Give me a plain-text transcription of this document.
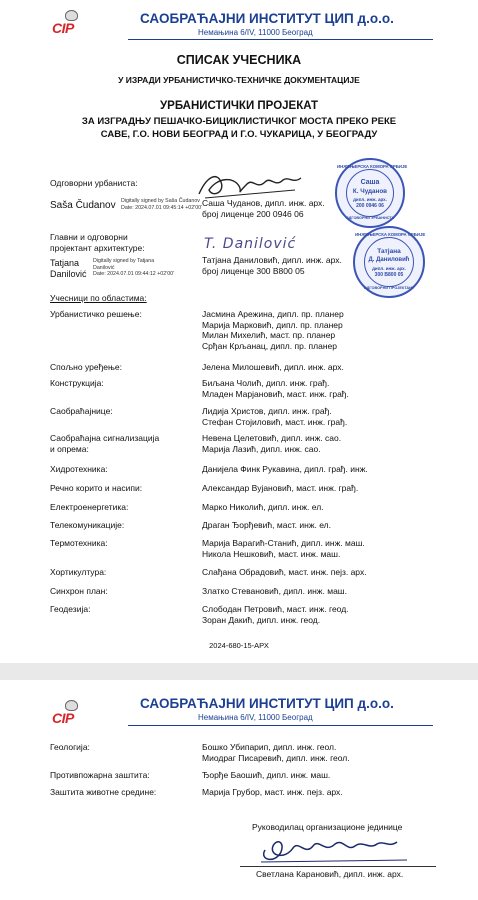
CIP
САОБРАЋАЈНИ ИНСТИТУТ ЦИП д.о.о.
Немањина 6/IV, 11000 Београд
СПИСАК УЧЕСНИКА
У ИЗРАДИ УРБАНИСТИЧКО-ТЕХНИЧКЕ ДОКУМЕНТАЦИЈЕ
УРБАНИСТИЧКИ ПРОЈЕКАТ
ЗА ИЗГРАДЊУ ПЕШАЧКО-БИЦИКЛИСТИЧКОГ МОСТА ПРЕКО РЕКЕ
САВЕ, Г.О. НОВИ БЕОГРАД И Г.О. ЧУКАРИЦА, У БЕОГРАДУ
Одговорни урбаниста:
Saša Čudanov Digitally signed by Saša Čudanov
Date: 2024.07.01 09:45:14 +02'00' Саша Чуданов, дипл. инж. арх.
број лиценце 200 0946 06
ИНЖЕЊЕРСКА КОМОРА СРБИЈЕ
Саша
К. Чуданов
дипл. инж. арх.
200 0946 06
ОДГОВОРНИ УРБАНИСТА
Главни и одговорни
пројектант архитектуре:
Tatjana
Danilović
Digitally signed by Tatjana
Danilović
Date: 2024.07.01 09:44:12 +02'00'
T. Danilović
Татјана Даниловић, дипл. инж. арх.
број лиценце 300 В800 05
ИНЖЕЊЕРСКА КОМОРА СРБИЈЕ
Татјана
Д. Даниловић
дипл. инж. арх.
300 В800 05
ОДГОВОРНИ ПРОЈЕКТАНТ
Учесници по областима:
Урбанистичко решење:	Јасмина Арежина, дипл. пр. планер
Марија Марковић, дипл. пр. планер
Милан Михелић, маст. пр. планер
Срђан Крљанац, дипл. пр. планер
Спољно уређење:	Јелена Милошевић, дипл. инж. арх.
Конструкција:	Биљана Чолић, дипл. инж. грађ.
Младен Марјановић, маст. инж. грађ.
Саобраћајнице:	Лидија Христов, дипл. инж. грађ.
Стефан Стојиловић, маст. инж. грађ.
Саобраћајна сигнализација
и опрема:
Невена Целетовић, дипл. инж. сао.
Марија Лазић, дипл. инж. сао.
Хидротехника:	Данијела Финк Рукавина, дипл. грађ. инж.
Речно корито и насипи:	Александар Вујановић, маст. инж. грађ.
Електроенергетика:	Марко Николић, дипл. инж. ел.
Телекомуникације:	Драган Ђорђевић, маст. инж. ел.
Термотехника:	Марија Варагић-Станић, дипл. инж. маш.
Никола Нешковић, маст. инж. маш.
Хортикултура:	Слађана Обрадовић, маст. инж. пејз. арх.
Синхрон план:	Златко Стевановић, дипл. инж. маш.
Геодезија:	Слободан Петровић, маст. инж. геод.
Зоран Дакић, дипл. инж. геод.
2024-680-15-АРХ
CIP
САОБРАЋАЈНИ ИНСТИТУТ ЦИП д.о.о.
Немањина 6/IV, 11000 Београд
Геологија:	Бошко Убипарип, дипл. инж. геол.
Миодраг Писаревић, дипл. инж. геол.
Противпожарна заштита:	Ђорђе Баошић, дипл. инж. маш.
Заштита животне средине:	Марија Грубор, маст. инж. пејз. арх.
Руководилац организационе јединице
Светлана Карановић, дипл. инж. арх.
